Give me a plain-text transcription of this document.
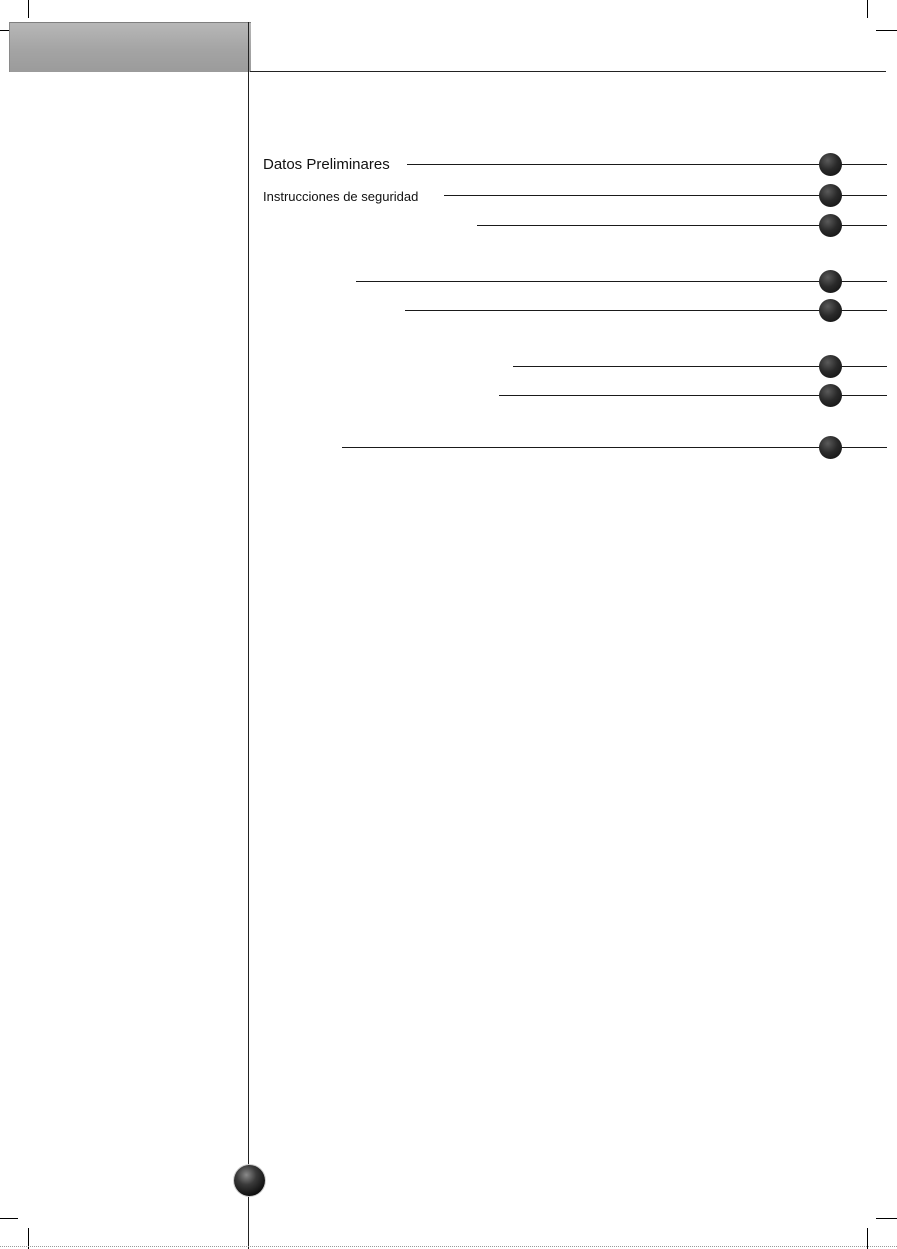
Datos Preliminares
Instrucciones de seguridad
